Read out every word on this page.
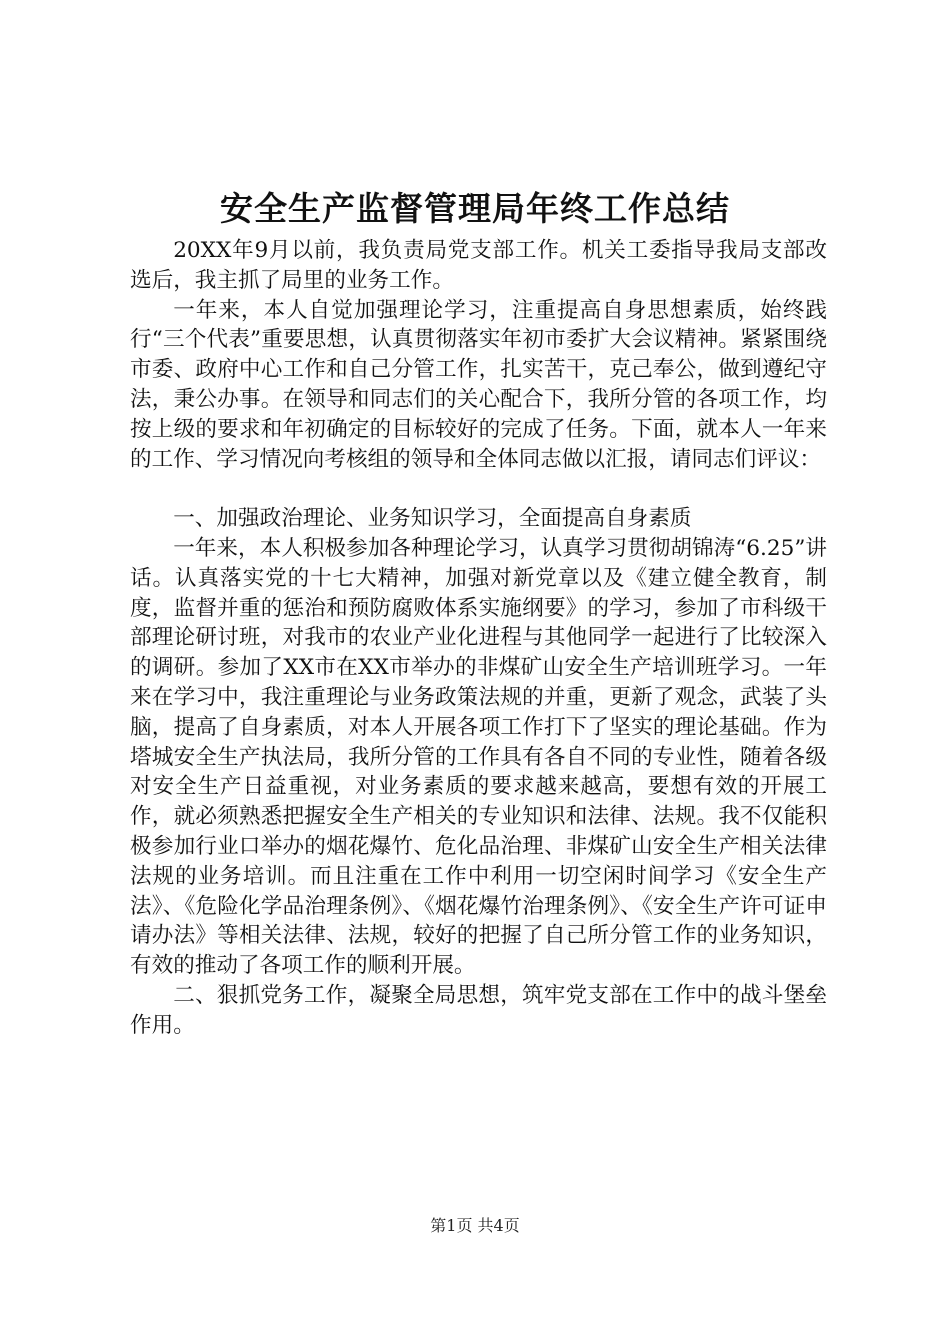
安全生产监督管理局年终工作总结

20XX年9月以前，我负责局党支部工作。机关工委指导我局支部改选后，我主抓了局里的业务工作。

一年来，本人自觉加强理论学习，注重提高自身思想素质，始终践行“三个代表”重要思想，认真贯彻落实年初市委扩大会议精神。紧紧围绕市委、政府中心工作和自己分管工作，扎实苦干，克己奉公，做到遵纪守法，秉公办事。在领导和同志们的关心配合下，我所分管的各项工作，均按上级的要求和年初确定的目标较好的完成了任务。下面，就本人一年来的工作、学习情况向考核组的领导和全体同志做以汇报，请同志们评议：

一、加强政治理论、业务知识学习，全面提高自身素质

一年来，本人积极参加各种理论学习，认真学习贯彻胡锦涛“6.25”讲话。认真落实党的十七大精神，加强对新党章以及《建立健全教育，制度，监督并重的惩治和预防腐败体系实施纲要》的学习，参加了市科级干部理论研讨班，对我市的农业产业化进程与其他同学一起进行了比较深入的调研。参加了XX市在XX市举办的非煤矿山安全生产培训班学习。一年来在学习中，我注重理论与业务政策法规的并重，更新了观念，武装了头脑，提高了自身素质，对本人开展各项工作打下了坚实的理论基础。作为塔城安全生产执法局，我所分管的工作具有各自不同的专业性，随着各级对安全生产日益重视，对业务素质的要求越来越高，要想有效的开展工作，就必须熟悉把握安全生产相关的专业知识和法律、法规。我不仅能积极参加行业口举办的烟花爆竹、危化品治理、非煤矿山安全生产相关法律法规的业务培训。而且注重在工作中利用一切空闲时间学习《安全生产法》、《危险化学品治理条例》、《烟花爆竹治理条例》、《安全生产许可证申请办法》等相关法律、法规，较好的把握了自己所分管工作的业务知识，有效的推动了各项工作的顺利开展。

二、狠抓党务工作，凝聚全局思想，筑牢党支部在工作中的战斗堡垒作用。

第1页 共4页
